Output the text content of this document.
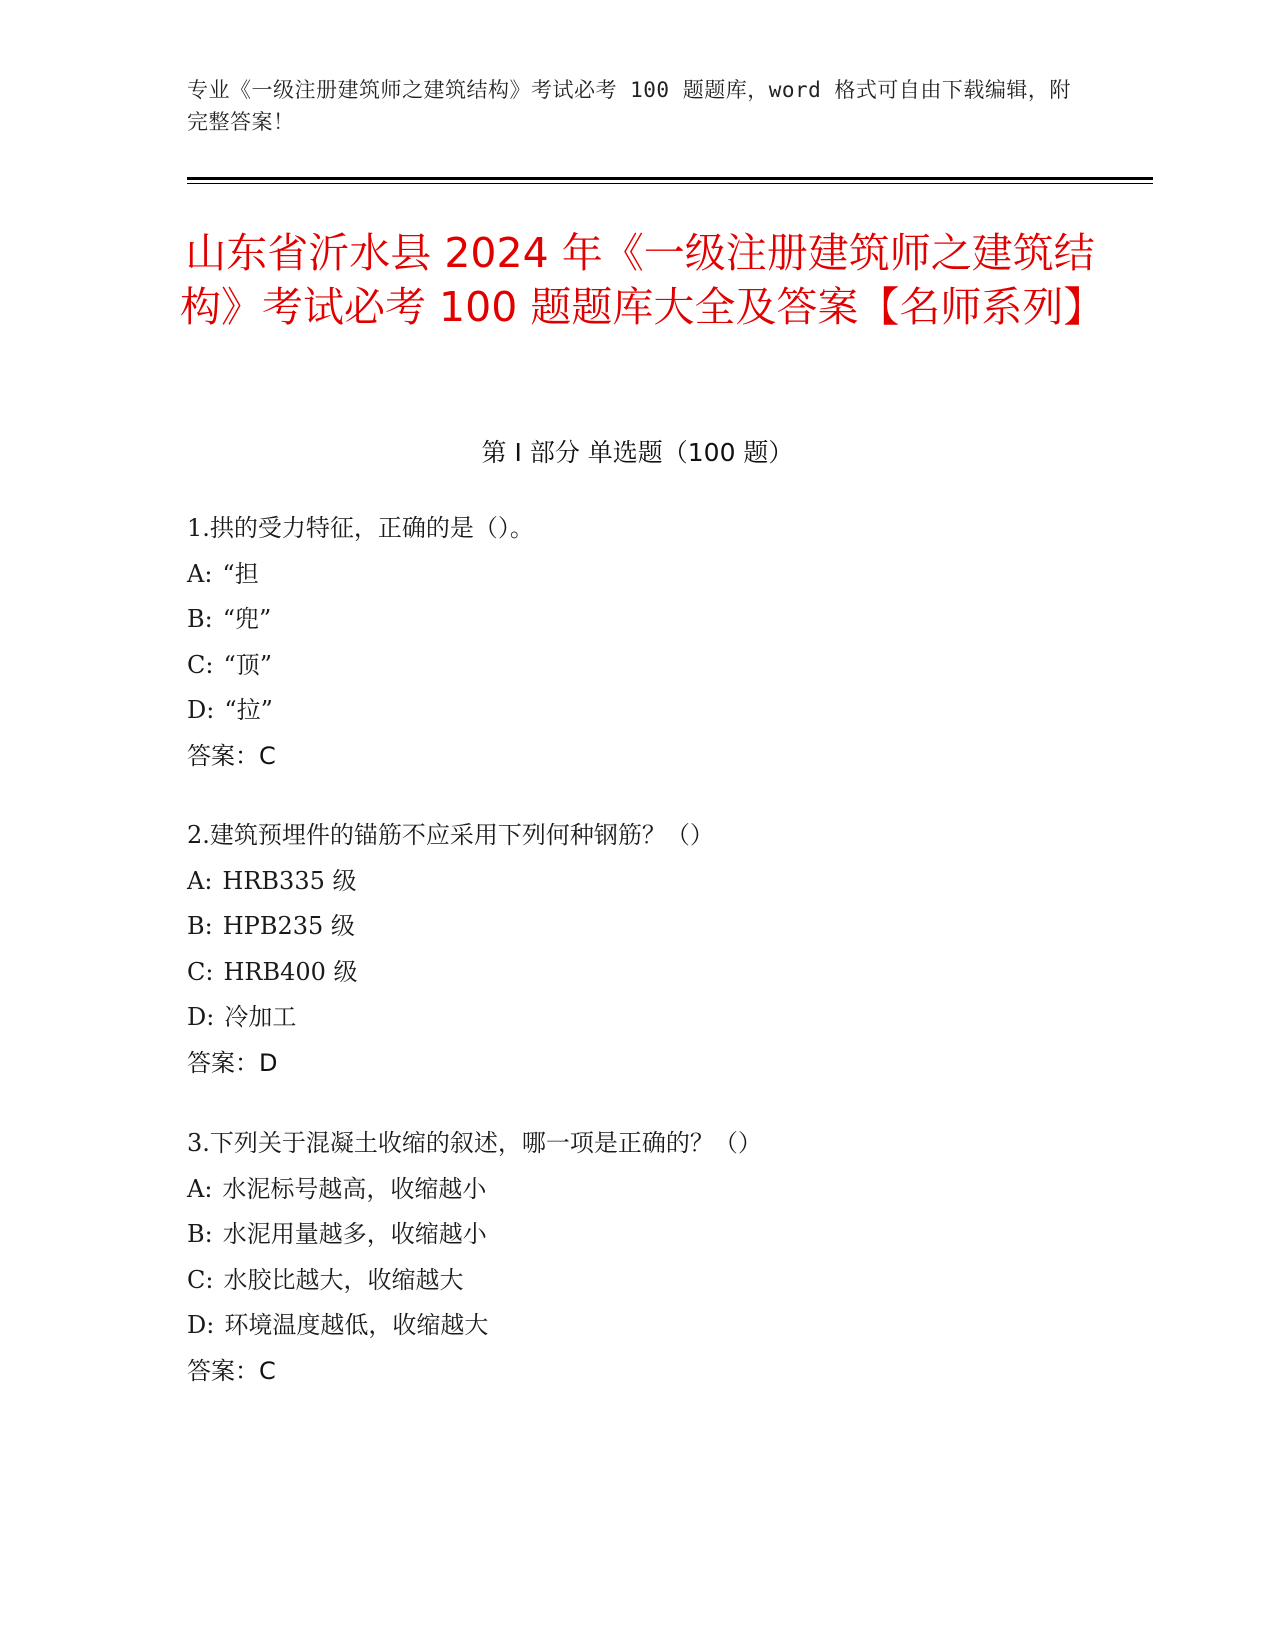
专业《一级注册建筑师之建筑结构》考试必考 100 题题库，word 格式可自由下载编辑，附完整答案！
山东省沂水县 2024 年《一级注册建筑师之建筑结构》考试必考 100 题题库大全及答案【名师系列】
第 I 部分 单选题（100 题）
1.拱的受力特征，正确的是（）。
A: “担
B: “兜”
C: “顶”
D: “拉”
答案：C
2.建筑预埋件的锚筋不应采用下列何种钢筋？（）
A: HRB335 级
B: HPB235 级
C: HRB400 级
D: 冷加工
答案：D
3.下列关于混凝土收缩的叙述，哪一项是正确的？（）
A: 水泥标号越高，收缩越小
B: 水泥用量越多，收缩越小
C: 水胶比越大，收缩越大
D: 环境温度越低，收缩越大
答案：C
